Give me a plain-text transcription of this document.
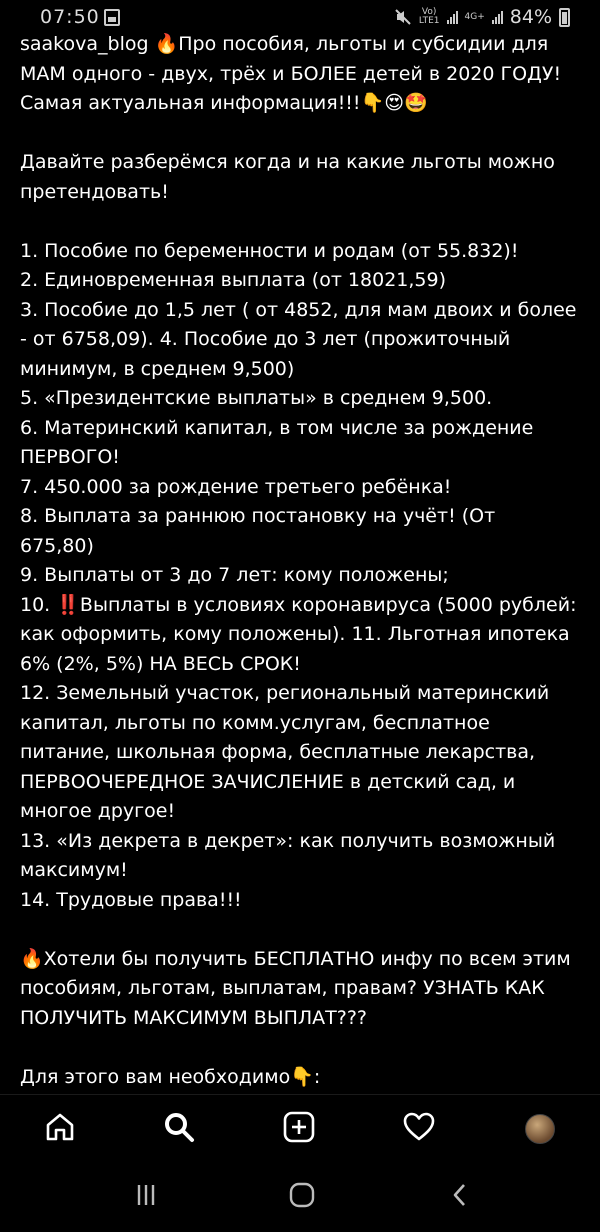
07:50	Vo)
LTE1	4G+ 84%
saakova_blog 🔥Про пособия, льготы и субсидии для
МАМ одного - двух, трёх и БОЛЕЕ детей в 2020 ГОДУ!
Самая актуальная информация!!!👇😍🤩
Давайте разберёмся когда и на какие льготы можно
претендовать!
1. Пособие по беременности и родам (от 55.832)!
2. Единовременная выплата (от 18021,59)
3. Пособие до 1,5 лет ( от 4852, для мам двоих и более
- от 6758,09). 4. Пособие до 3 лет (прожиточный
минимум, в среднем 9,500)
5. «Президентские выплаты» в среднем 9,500.
6. Материнский капитал, в том числе за рождение
ПЕРВОГО!
7. 450.000 за рождение третьего ребёнка!
8. Выплата за раннюю постановку на учёт! (От
675,80)
9. Выплаты от 3 до 7 лет: кому положены;
10. ‼️Выплаты в условиях коронавируса (5000 рублей:
как оформить, кому положены). 11. Льготная ипотека
6% (2%, 5%) НА ВЕСЬ СРОК!
12. Земельный участок, региональный материнский
капитал, льготы по комм.услугам, бесплатное
питание, школьная форма, бесплатные лекарства,
ПЕРВООЧЕРЕДНОЕ ЗАЧИСЛЕНИЕ в детский сад, и
многое другое!
13. «Из декрета в декрет»: как получить возможный
максимум!
14. Трудовые права!!!
🔥Хотели бы получить БЕСПЛАТНО инфу по всем этим
пособиям, льготам, выплатам, правам? УЗНАТЬ КАК
ПОЛУЧИТЬ МАКСИМУМ ВЫПЛАТ???
Для этого вам необходимо👇:
